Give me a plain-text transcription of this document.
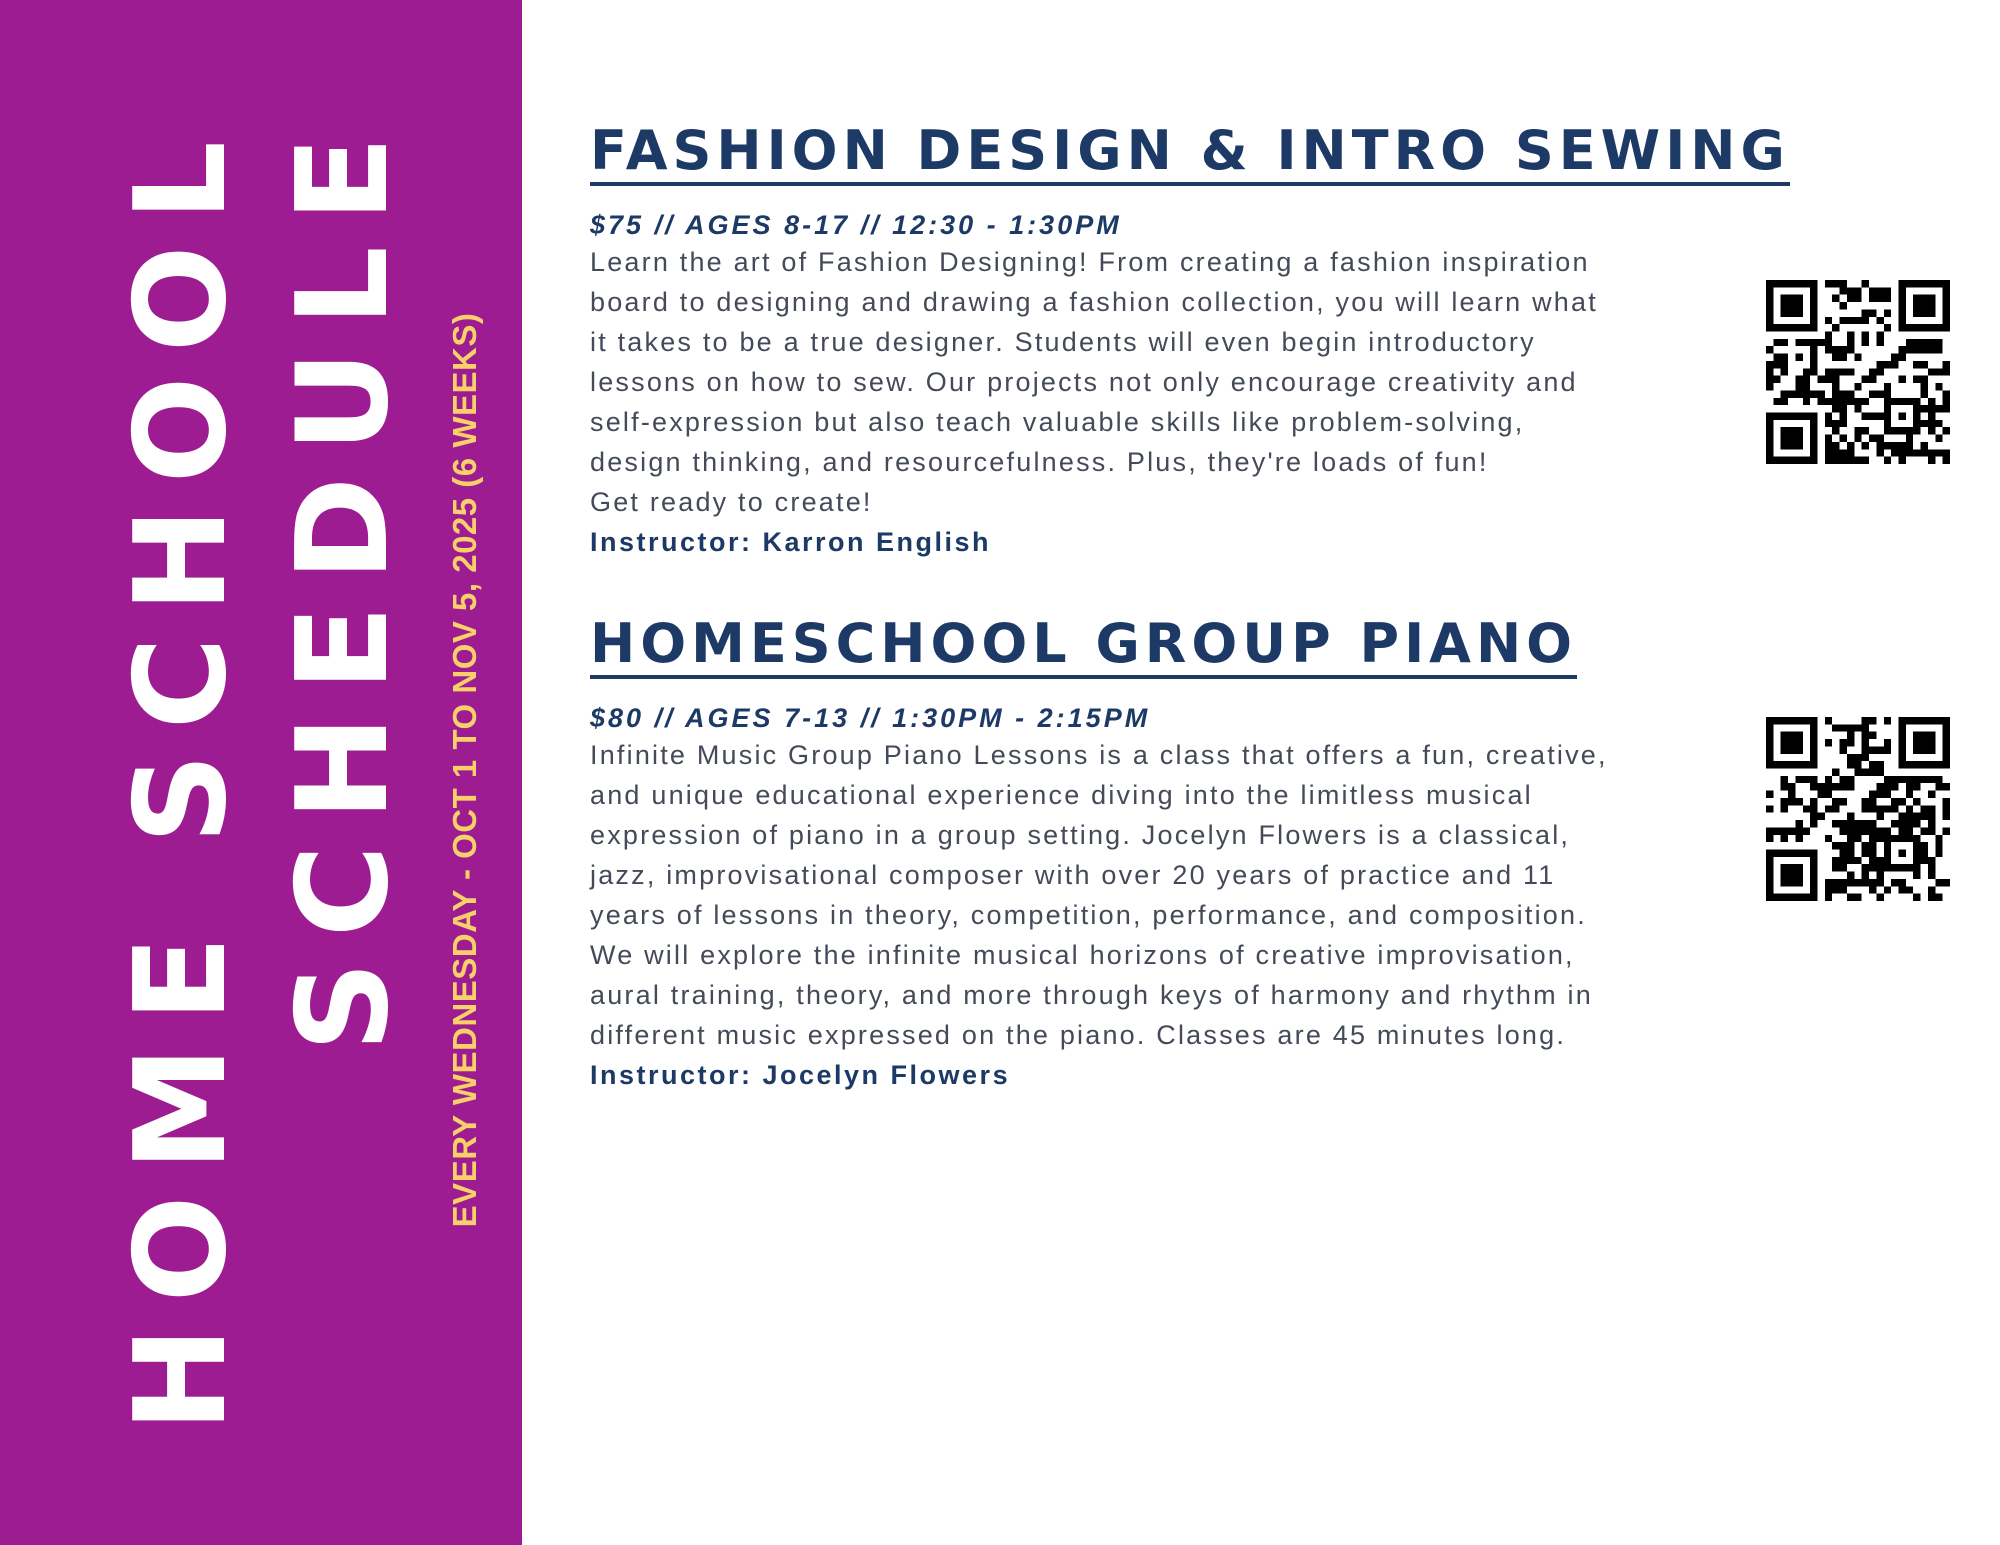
HOME SCHOOL SCHEDULE EVERY WEDNESDAY - OCT 1 TO NOV 5, 2025 (6 WEEKS)
FASHION DESIGN & INTRO SEWING
$75 // AGES 8-17 // 12:30 - 1:30PM
Learn the art of Fashion Designing! From creating a fashion inspiration
board to designing and drawing a fashion collection, you will learn what
it takes to be a true designer. Students will even begin introductory
lessons on how to sew. Our projects not only encourage creativity and
self-expression but also teach valuable skills like problem-solving,
design thinking, and resourcefulness. Plus, they're loads of fun!
Get ready to create!
Instructor: Karron English
HOMESCHOOL GROUP PIANO
$80 // AGES 7-13 // 1:30PM - 2:15PM
Infinite Music Group Piano Lessons is a class that offers a fun, creative,
and unique educational experience diving into the limitless musical
expression of piano in a group setting. Jocelyn Flowers is a classical,
jazz, improvisational composer with over 20 years of practice and 11
years of lessons in theory, competition, performance, and composition.
We will explore the infinite musical horizons of creative improvisation,
aural training, theory, and more through keys of harmony and rhythm in
different music expressed on the piano. Classes are 45 minutes long.
Instructor: Jocelyn Flowers
